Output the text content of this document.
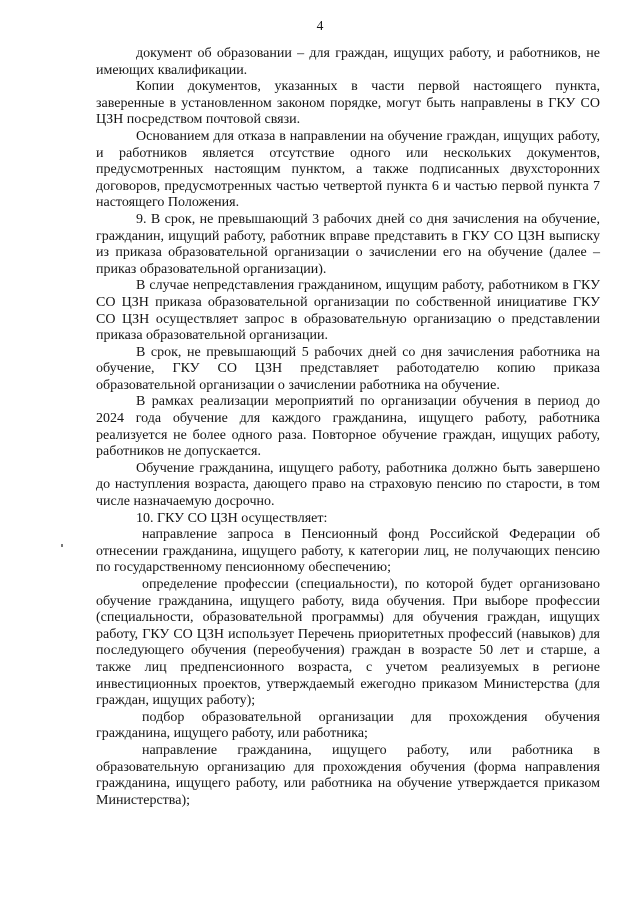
4

документ об образовании – для граждан, ищущих работу, и работников, не имеющих квалификации.

Копии документов, указанных в части первой настоящего пункта, заверенные в установленном законом порядке, могут быть направлены в ГКУ СО ЦЗН посредством почтовой связи.

Основанием для отказа в направлении на обучение граждан, ищущих работу, и работников является отсутствие одного или нескольких документов, предусмотренных настоящим пунктом, а также подписанных двухсторонних договоров, предусмотренных частью четвертой пункта 6 и частью первой пункта 7 настоящего Положения.

9. В срок, не превышающий 3 рабочих дней со дня зачисления на обучение, гражданин, ищущий работу, работник вправе представить в ГКУ СО ЦЗН выписку из приказа образовательной организации о зачислении его на обучение (далее – приказ образовательной организации).

В случае непредставления гражданином, ищущим работу, работником в ГКУ СО ЦЗН приказа образовательной организации по собственной инициативе ГКУ СО ЦЗН осуществляет запрос в образовательную организацию о представлении приказа образовательной организации.

В срок, не превышающий 5 рабочих дней со дня зачисления работника на обучение, ГКУ СО ЦЗН представляет работодателю копию приказа образовательной организации о зачислении работника на обучение.

В рамках реализации мероприятий по организации обучения в период до 2024 года обучение для каждого гражданина, ищущего работу, работника реализуется не более одного раза. Повторное обучение граждан, ищущих работу, работников не допускается.

Обучение гражданина, ищущего работу, работника должно быть завершено до наступления возраста, дающего право на страховую пенсию по старости, в том числе назначаемую досрочно.

10. ГКУ СО ЦЗН осуществляет:

направление запроса в Пенсионный фонд Российской Федерации об отнесении гражданина, ищущего работу, к категории лиц, не получающих пенсию по государственному пенсионному обеспечению;

определение профессии (специальности), по которой будет организовано обучение гражданина, ищущего работу, вида обучения. При выборе профессии (специальности, образовательной программы) для обучения граждан, ищущих работу, ГКУ СО ЦЗН использует Перечень приоритетных профессий (навыков) для последующего обучения (переобучения) граждан в возрасте 50 лет и старше, а также лиц предпенсионного возраста, с учетом реализуемых в регионе инвестиционных проектов, утверждаемый ежегодно приказом Министерства (для граждан, ищущих работу);

подбор образовательной организации для прохождения обучения гражданина, ищущего работу, или работника;

направление гражданина, ищущего работу, или работника в образовательную организацию для прохождения обучения (форма направления гражданина, ищущего работу, или работника на обучение утверждается приказом Министерства);
